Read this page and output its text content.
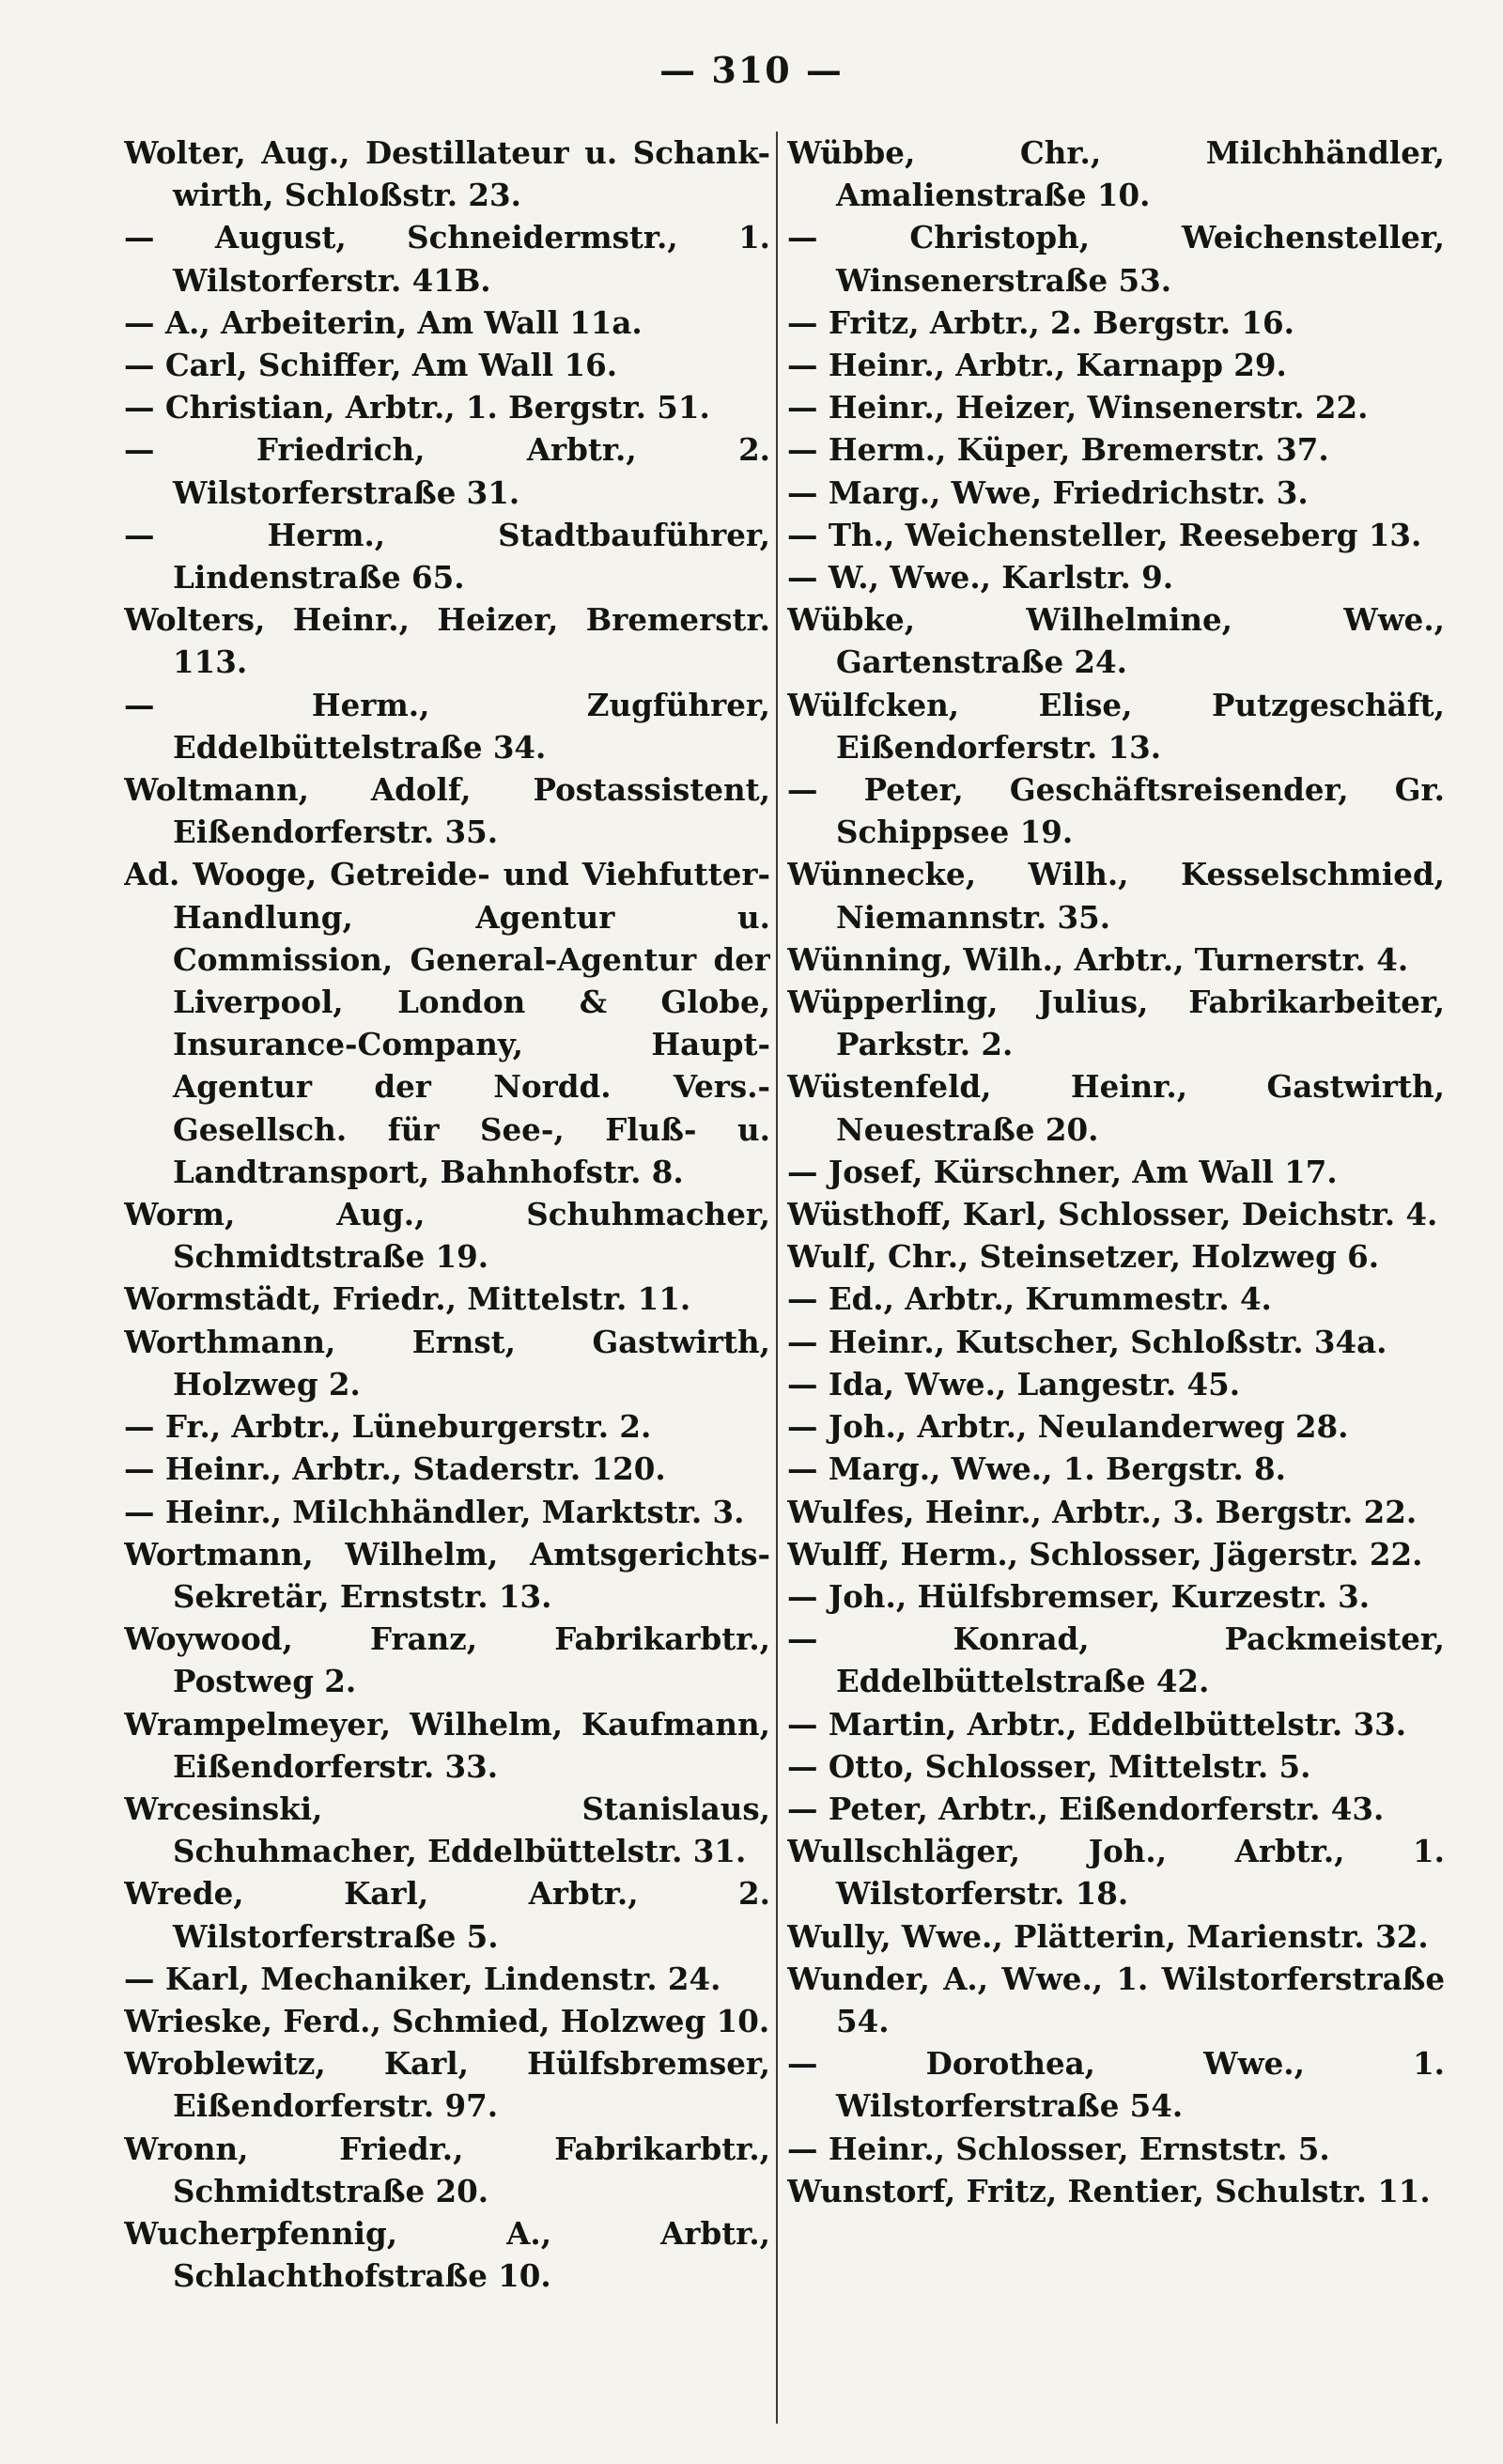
— 310 —

Wolter, Aug., Destillateur u. Schank-wirth, Schloßstr. 23.

— August, Schneidermstr., 1. Wilstorferstr. 41B.

— A., Arbeiterin, Am Wall 11a.

— Carl, Schiffer, Am Wall 16.

— Christian, Arbtr., 1. Bergstr. 51.

— Friedrich, Arbtr., 2. Wilstorferstraße 31.

— Herm., Stadtbauführer, Lindenstraße 65.

Wolters, Heinr., Heizer, Bremerstr. 113.

— Herm., Zugführer, Eddelbüttelstraße 34.

Woltmann, Adolf, Postassistent, Eißendorferstr. 35.

Ad. Wooge, Getreide- und Viehfutter-Handlung, Agentur u. Commission, General-Agentur der Liverpool, London & Globe, Insurance-Company, Haupt-Agentur der Nordd. Vers.-Gesellsch. für See-, Fluß- u. Landtransport, Bahnhofstr. 8.

Worm, Aug., Schuhmacher, Schmidtstraße 19.

Wormstädt, Friedr., Mittelstr. 11.

Worthmann, Ernst, Gastwirth, Holzweg 2.

— Fr., Arbtr., Lüneburgerstr. 2.

— Heinr., Arbtr., Staderstr. 120.

— Heinr., Milchhändler, Marktstr. 3.

Wortmann, Wilhelm, Amtsgerichts-Sekretär, Ernststr. 13.

Woywood, Franz, Fabrikarbtr., Postweg 2.

Wrampelmeyer, Wilhelm, Kaufmann, Eißendorferstr. 33.

Wrcesinski, Stanislaus, Schuhmacher, Eddelbüttelstr. 31.

Wrede, Karl, Arbtr., 2. Wilstorferstraße 5.

— Karl, Mechaniker, Lindenstr. 24.

Wrieske, Ferd., Schmied, Holzweg 10.

Wroblewitz, Karl, Hülfsbremser, Eißendorferstr. 97.

Wronn, Friedr., Fabrikarbtr., Schmidtstraße 20.

Wucherpfennig, A., Arbtr., Schlachthofstraße 10.

Wübbe, Chr., Milchhändler, Amalienstraße 10.

— Christoph, Weichensteller, Winsenerstraße 53.

— Fritz, Arbtr., 2. Bergstr. 16.

— Heinr., Arbtr., Karnapp 29.

— Heinr., Heizer, Winsenerstr. 22.

— Herm., Küper, Bremerstr. 37.

— Marg., Wwe, Friedrichstr. 3.

— Th., Weichensteller, Reeseberg 13.

— W., Wwe., Karlstr. 9.

Wübke, Wilhelmine, Wwe., Gartenstraße 24.

Wülfcken, Elise, Putzgeschäft, Eißendorferstr. 13.

— Peter, Geschäftsreisender, Gr. Schippsee 19.

Wünnecke, Wilh., Kesselschmied, Niemannstr. 35.

Wünning, Wilh., Arbtr., Turnerstr. 4.

Wüpperling, Julius, Fabrikarbeiter, Parkstr. 2.

Wüstenfeld, Heinr., Gastwirth, Neuestraße 20.

— Josef, Kürschner, Am Wall 17.

Wüsthoff, Karl, Schlosser, Deichstr. 4.

Wulf, Chr., Steinsetzer, Holzweg 6.

— Ed., Arbtr., Krummestr. 4.

— Heinr., Kutscher, Schloßstr. 34a.

— Ida, Wwe., Langestr. 45.

— Joh., Arbtr., Neulanderweg 28.

— Marg., Wwe., 1. Bergstr. 8.

Wulfes, Heinr., Arbtr., 3. Bergstr. 22.

Wulff, Herm., Schlosser, Jägerstr. 22.

— Joh., Hülfsbremser, Kurzestr. 3.

— Konrad, Packmeister, Eddelbüttelstraße 42.

— Martin, Arbtr., Eddelbüttelstr. 33.

— Otto, Schlosser, Mittelstr. 5.

— Peter, Arbtr., Eißendorferstr. 43.

Wullschläger, Joh., Arbtr., 1. Wilstorferstr. 18.

Wully, Wwe., Plätterin, Marienstr. 32.

Wunder, A., Wwe., 1. Wilstorferstraße 54.

— Dorothea, Wwe., 1. Wilstorferstraße 54.

— Heinr., Schlosser, Ernststr. 5.

Wunstorf, Fritz, Rentier, Schulstr. 11.
